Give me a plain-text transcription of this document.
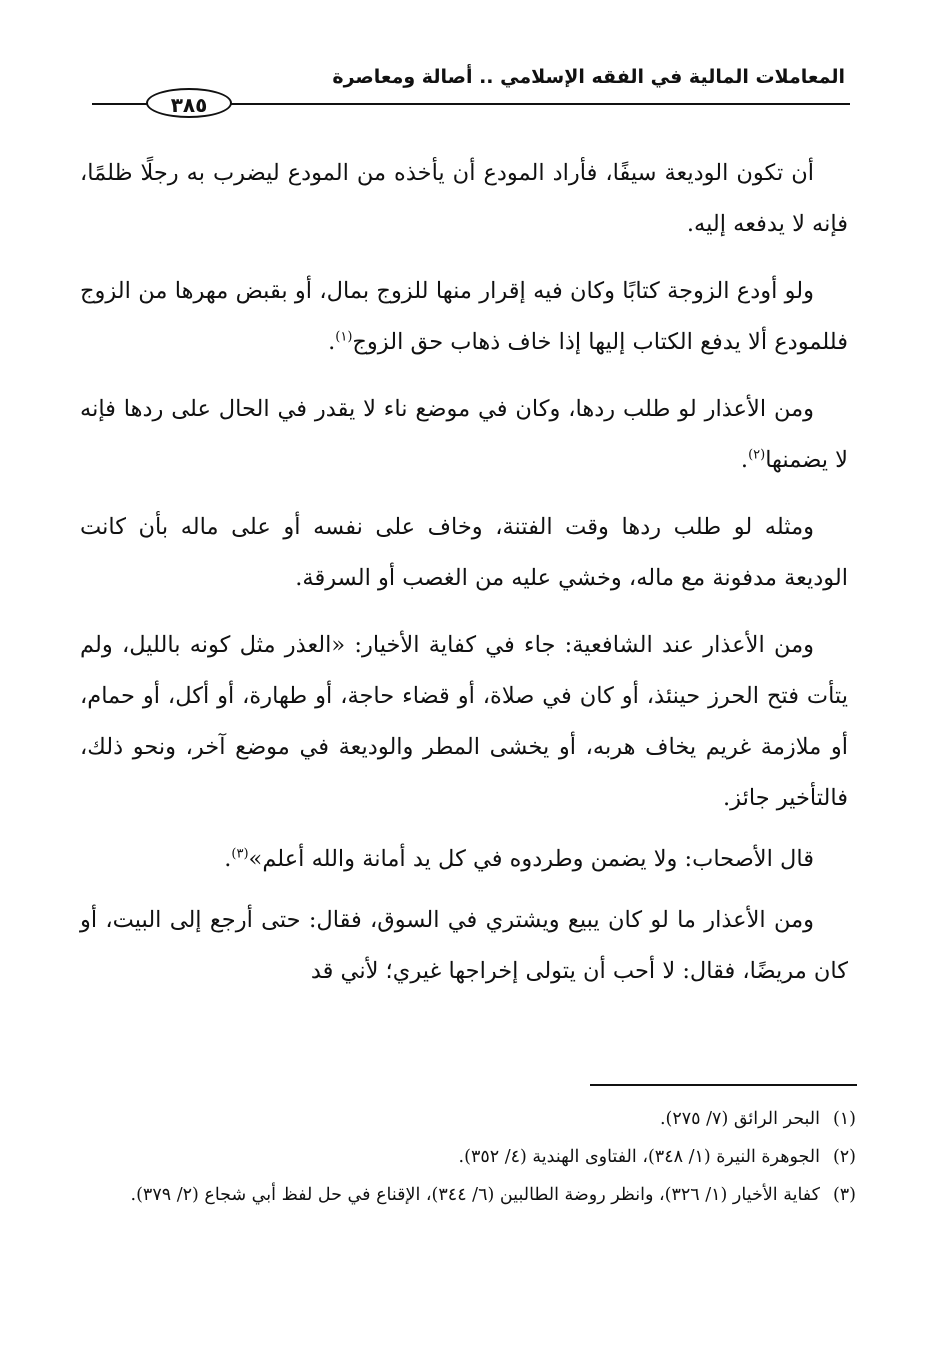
المعاملات المالية في الفقه الإسلامي .. أصالة ومعاصرة
٣٨٥

أن تكون الوديعة سيفًا، فأراد المودع أن يأخذه من المودع ليضرب به رجلًا ظلمًا، فإنه لا يدفعه إليه.

ولو أودع الزوجة كتابًا وكان فيه إقرار منها للزوج بمال، أو بقبض مهرها من الزوج فللمودع ألا يدفع الكتاب إليها إذا خاف ذهاب حق الزوج$^{(١)}$.

ومن الأعذار لو طلب ردها، وكان في موضع ناء لا يقدر في الحال على ردها فإنه لا يضمنها$^{(٢)}$.

ومثله لو طلب ردها وقت الفتنة، وخاف على نفسه أو على ماله بأن كانت الوديعة مدفونة مع ماله، وخشي عليه من الغصب أو السرقة.

ومن الأعذار عند الشافعية: جاء في كفاية الأخيار: «العذر مثل كونه بالليل، ولم يتأت فتح الحرز حينئذ، أو كان في صلاة، أو قضاء حاجة، أو طهارة، أو أكل، أو حمام، أو ملازمة غريم يخاف هربه، أو يخشى المطر والوديعة في موضع آخر، ونحو ذلك، فالتأخير جائز.

قال الأصحاب: ولا يضمن وطردوه في كل يد أمانة والله أعلم»$^{(٣)}$.

ومن الأعذار ما لو كان يبيع ويشتري في السوق، فقال: حتى أرجع إلى البيت، أو كان مريضًا، فقال: لا أحب أن يتولى إخراجها غيري؛ لأني قد

(١)البحر الرائق (٧/ ٢٧٥).

(٢)الجوهرة النيرة (١/ ٣٤٨)، الفتاوى الهندية (٤/ ٣٥٢).

(٣)كفاية الأخيار (١/ ٣٢٦)، وانظر روضة الطالبين (٦/ ٣٤٤)، الإقناع في حل لفظ أبي شجاع (٢/ ٣٧٩).
